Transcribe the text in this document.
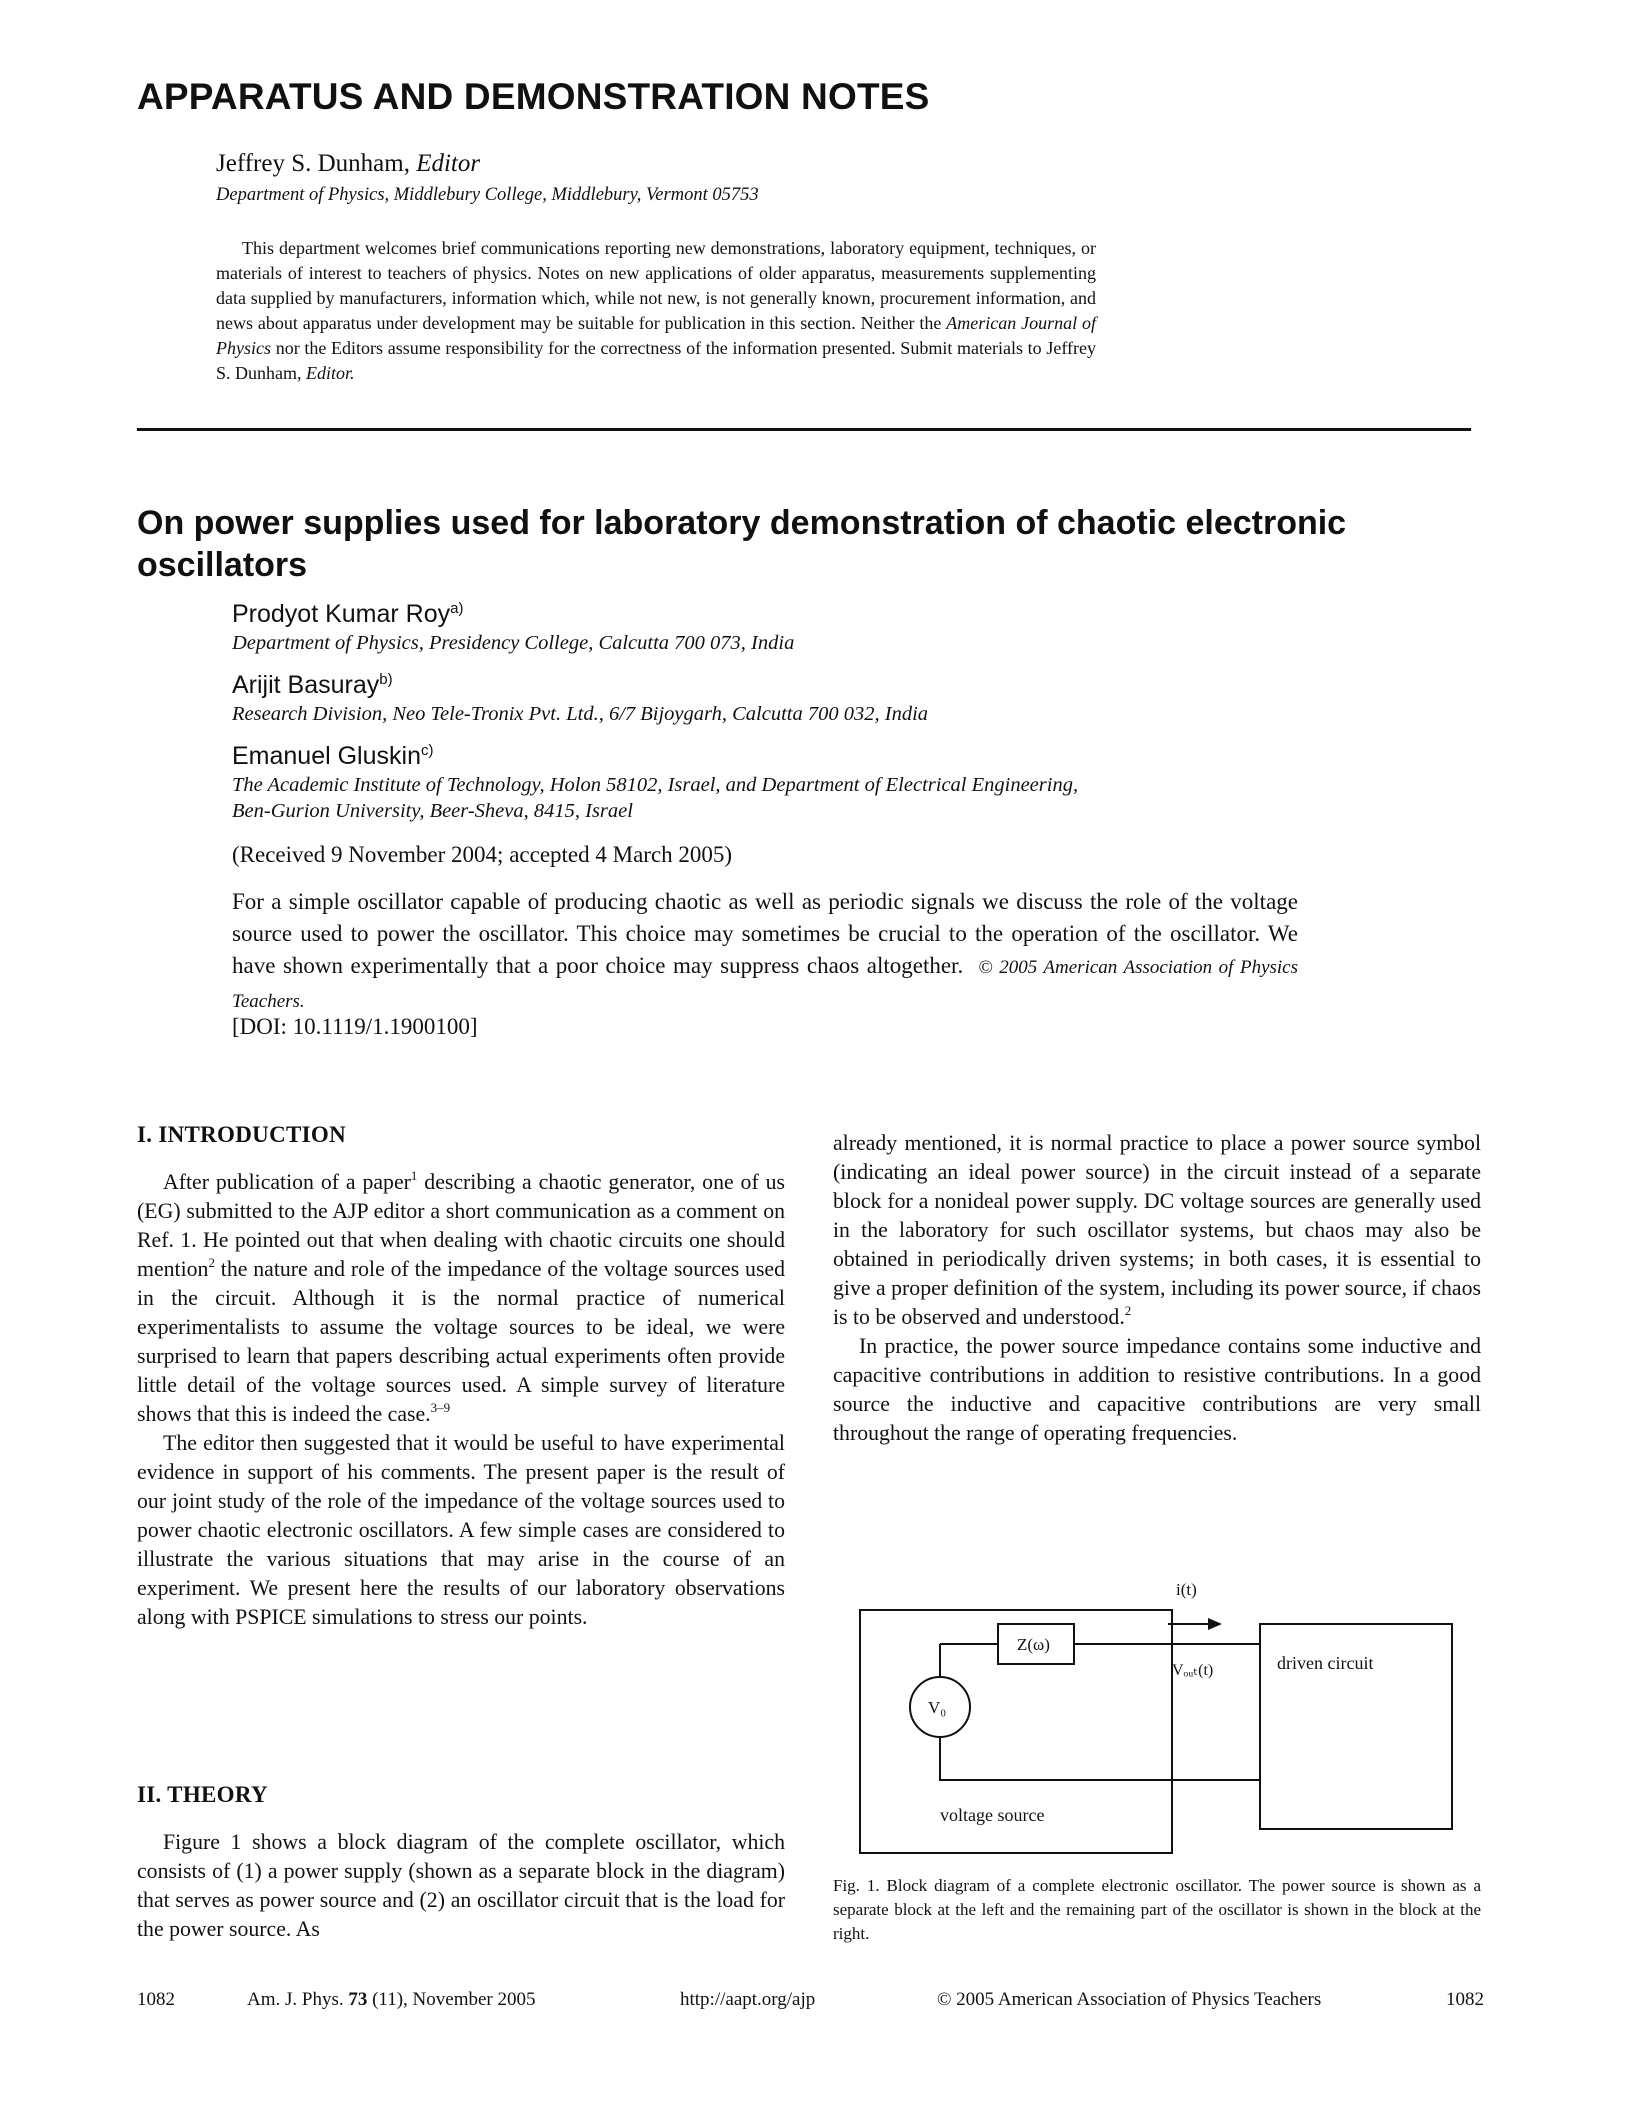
APPARATUS AND DEMONSTRATION NOTES
Jeffrey S. Dunham, Editor
Department of Physics, Middlebury College, Middlebury, Vermont 05753
This department welcomes brief communications reporting new demonstrations, laboratory equipment, techniques, or materials of interest to teachers of physics. Notes on new applications of older apparatus, measurements supplementing data supplied by manufacturers, information which, while not new, is not generally known, procurement information, and news about apparatus under development may be suitable for publication in this section. Neither the American Journal of Physics nor the Editors assume responsibility for the correctness of the information presented. Submit materials to Jeffrey S. Dunham, Editor.
On power supplies used for laboratory demonstration of chaotic electronic oscillators
Prodyot Kumar Roy$^{a)}$
Department of Physics, Presidency College, Calcutta 700 073, India
Arijit Basuray$^{b)}$
Research Division, Neo Tele-Tronix Pvt. Ltd., 6/7 Bijoygarh, Calcutta 700 032, India
Emanuel Gluskin$^{c)}$
The Academic Institute of Technology, Holon 58102, Israel, and Department of Electrical Engineering,
Ben-Gurion University, Beer-Sheva, 8415, Israel
(Received 9 November 2004; accepted 4 March 2005)
For a simple oscillator capable of producing chaotic as well as periodic signals we discuss the role of the voltage source used to power the oscillator. This choice may sometimes be crucial to the operation of the oscillator. We have shown experimentally that a poor choice may suppress chaos altogether. © 2005 American Association of Physics Teachers.
[DOI: 10.1119/1.1900100]
I. INTRODUCTION

After publication of a paper$^1$ describing a chaotic generator, one of us (EG) submitted to the AJP editor a short communication as a comment on Ref. 1. He pointed out that when dealing with chaotic circuits one should mention$^2$ the nature and role of the impedance of the voltage sources used in the circuit. Although it is the normal practice of numerical experimentalists to assume the voltage sources to be ideal, we were surprised to learn that papers describing actual experiments often provide little detail of the voltage sources used. A simple survey of literature shows that this is indeed the case.$^{3-9}$

The editor then suggested that it would be useful to have experimental evidence in support of his comments. The present paper is the result of our joint study of the role of the impedance of the voltage sources used to power chaotic electronic oscillators. A few simple cases are considered to illustrate the various situations that may arise in the course of an experiment. We present here the results of our laboratory observations along with PSPICE simulations to stress our points.

II. THEORY

Figure 1 shows a block diagram of the complete oscillator, which consists of (1) a power supply (shown as a separate block in the diagram) that serves as power source and (2) an oscillator circuit that is the load for the power source. As

already mentioned, it is normal practice to place a power source symbol (indicating an ideal power source) in the circuit instead of a separate block for a nonideal power supply. DC voltage sources are generally used in the laboratory for such oscillator systems, but chaos may also be obtained in periodically driven systems; in both cases, it is essential to give a proper definition of the system, including its power source, if chaos is to be observed and understood.$^2$

In practice, the power source impedance contains some inductive and capacitive contributions in addition to resistive contributions. In a good source the inductive and capacitive contributions are very small throughout the range of operating frequencies.

i(t)
Z(ω)
V₀
Vₒᵤₜ(t)	driven circuit
voltage source
Fig. 1. Block diagram of a complete electronic oscillator. The power source is shown as a separate block at the left and the remaining part of the oscillator is shown in the block at the right.
1082	Am. J. Phys. 73 (11), November 2005	http://aapt.org/ajp	© 2005 American Association of Physics Teachers	1082
